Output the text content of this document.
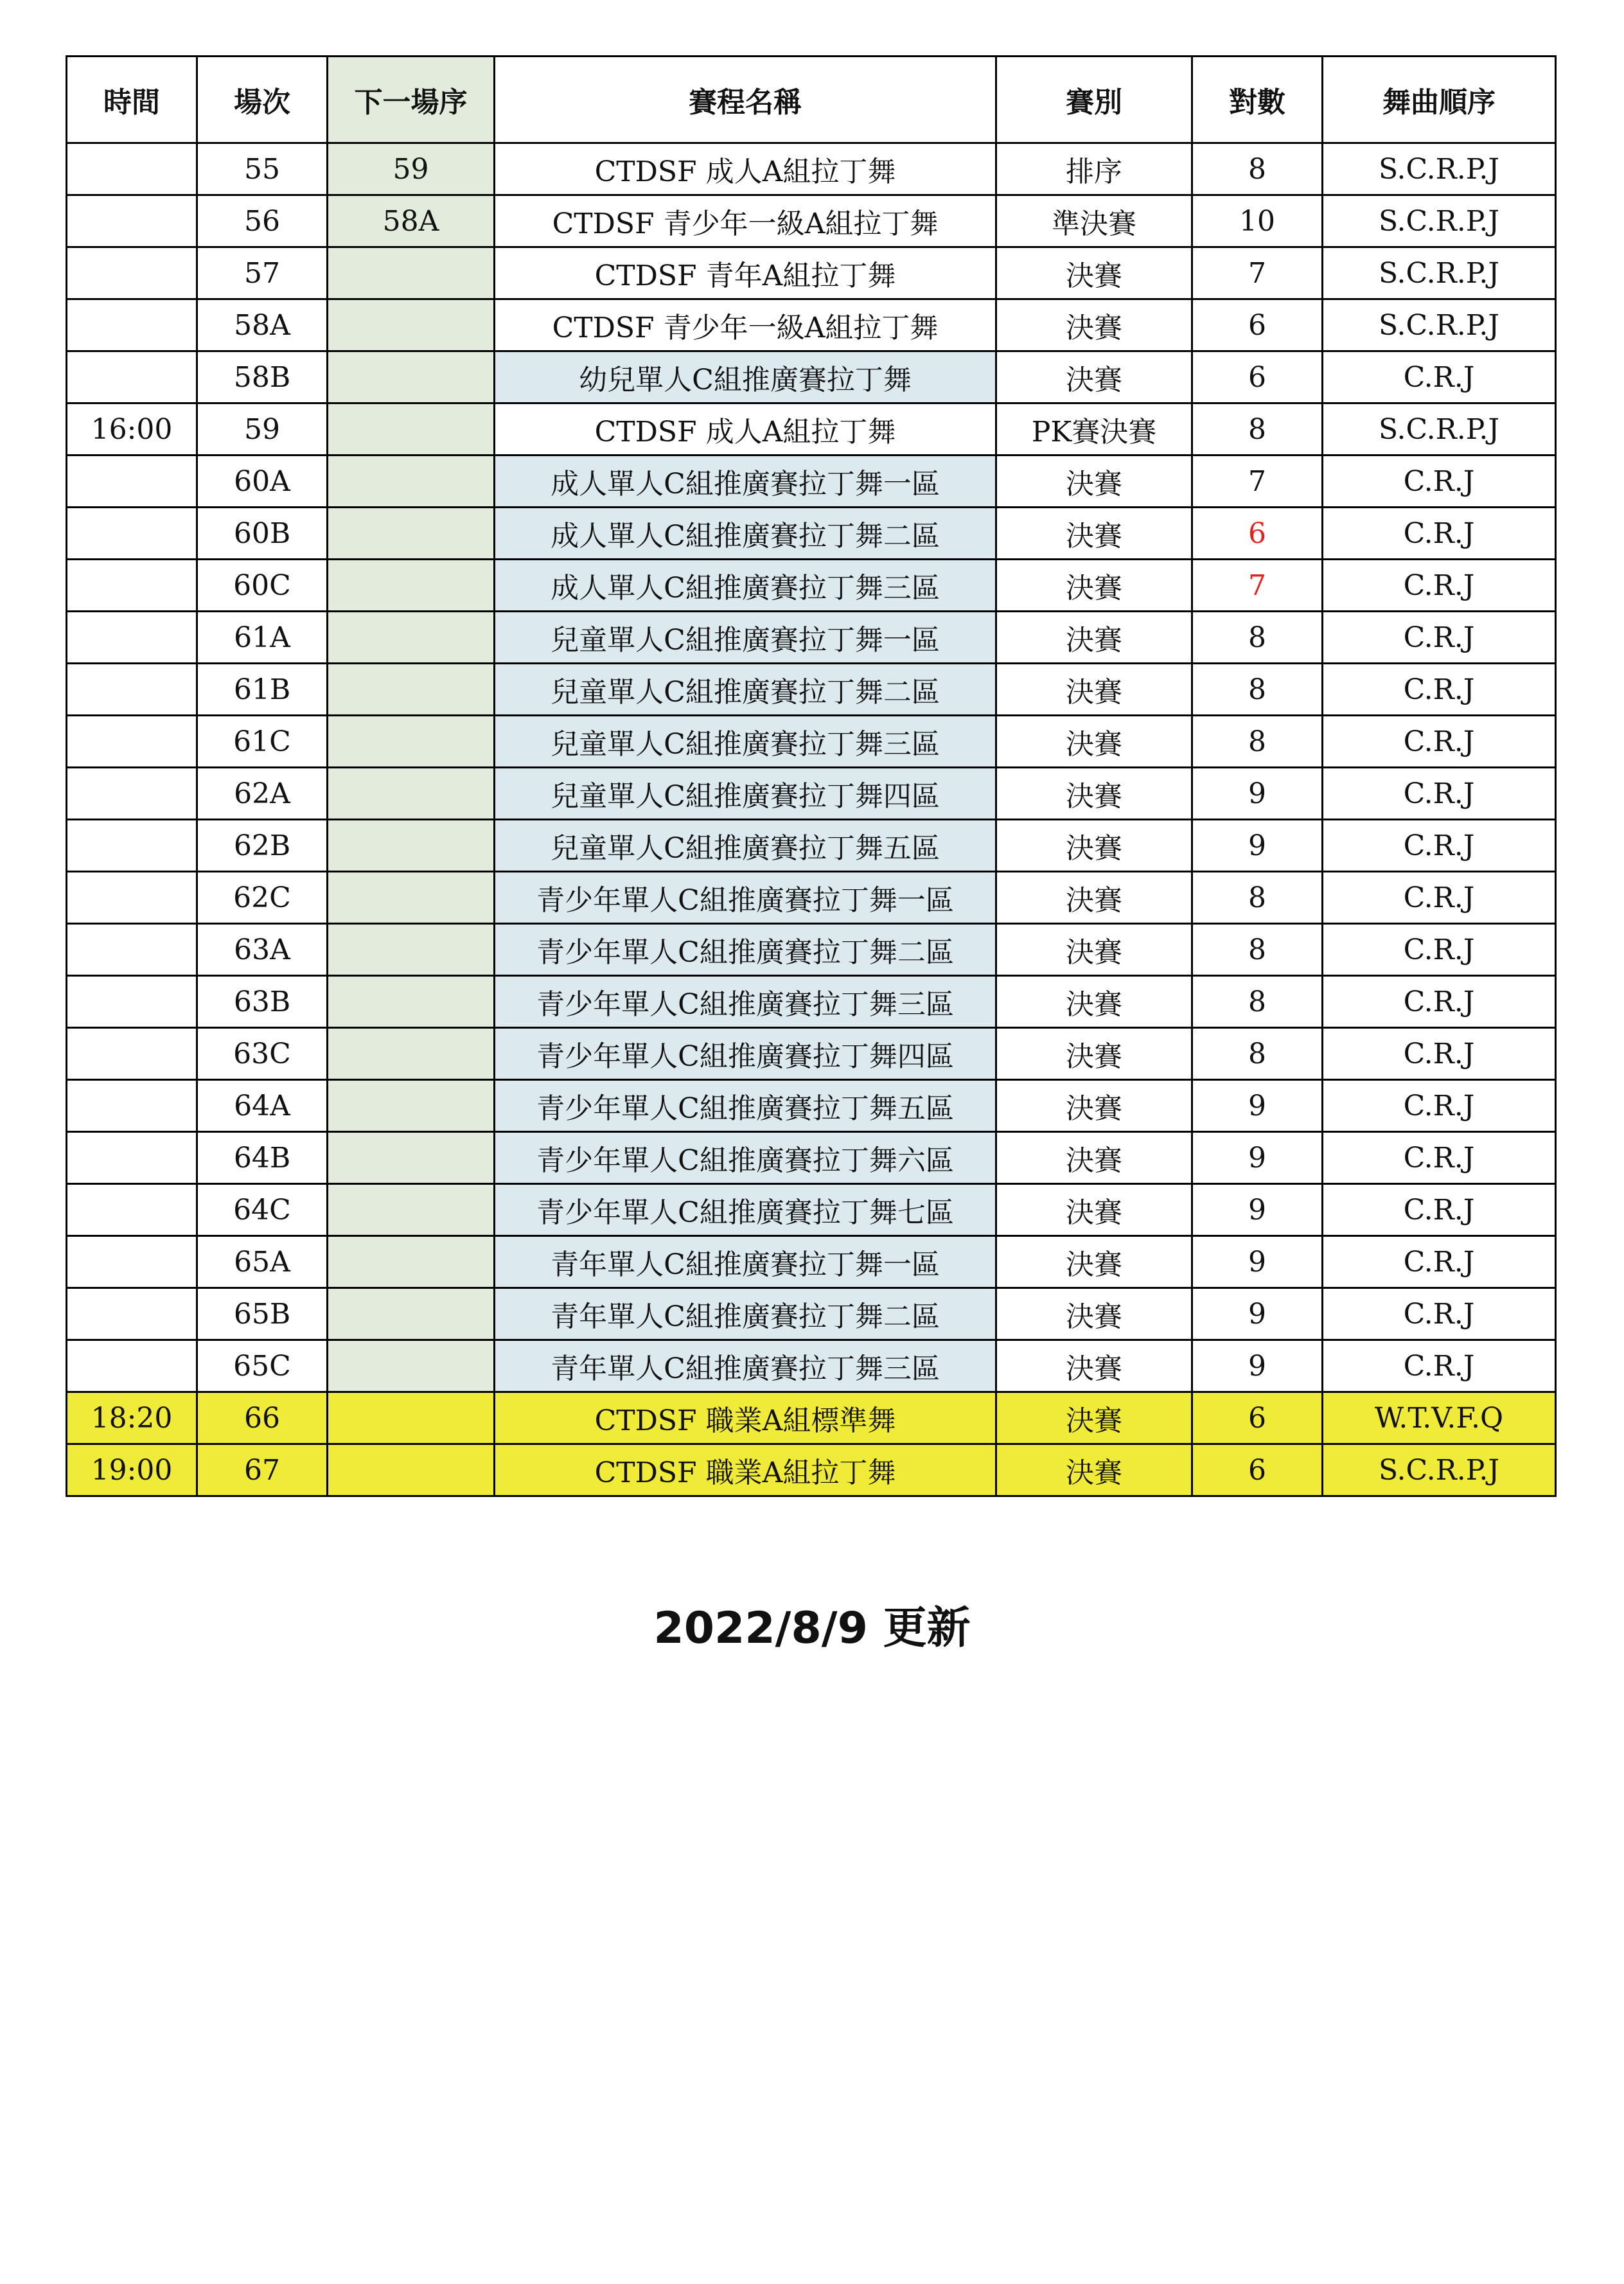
時間	場次	下一場序	賽程名稱	賽別	對數	舞曲順序
	55	59	CTDSF 成人A組拉丁舞	排序	8	S.C.R.P.J
	56	58A	CTDSF 青少年一級A組拉丁舞	準決賽	10	S.C.R.P.J
	57		CTDSF 青年A組拉丁舞	決賽	7	S.C.R.P.J
	58A		CTDSF 青少年一級A組拉丁舞	決賽	6	S.C.R.P.J
	58B		幼兒單人C組推廣賽拉丁舞	決賽	6	C.R.J
16:00	59		CTDSF 成人A組拉丁舞	PK賽決賽	8	S.C.R.P.J
	60A		成人單人C組推廣賽拉丁舞一區	決賽	7	C.R.J
	60B		成人單人C組推廣賽拉丁舞二區	決賽	6	C.R.J
	60C		成人單人C組推廣賽拉丁舞三區	決賽	7	C.R.J
	61A		兒童單人C組推廣賽拉丁舞一區	決賽	8	C.R.J
	61B		兒童單人C組推廣賽拉丁舞二區	決賽	8	C.R.J
	61C		兒童單人C組推廣賽拉丁舞三區	決賽	8	C.R.J
	62A		兒童單人C組推廣賽拉丁舞四區	決賽	9	C.R.J
	62B		兒童單人C組推廣賽拉丁舞五區	決賽	9	C.R.J
	62C		青少年單人C組推廣賽拉丁舞一區	決賽	8	C.R.J
	63A		青少年單人C組推廣賽拉丁舞二區	決賽	8	C.R.J
	63B		青少年單人C組推廣賽拉丁舞三區	決賽	8	C.R.J
	63C		青少年單人C組推廣賽拉丁舞四區	決賽	8	C.R.J
	64A		青少年單人C組推廣賽拉丁舞五區	決賽	9	C.R.J
	64B		青少年單人C組推廣賽拉丁舞六區	決賽	9	C.R.J
	64C		青少年單人C組推廣賽拉丁舞七區	決賽	9	C.R.J
	65A		青年單人C組推廣賽拉丁舞一區	決賽	9	C.R.J
	65B		青年單人C組推廣賽拉丁舞二區	決賽	9	C.R.J
	65C		青年單人C組推廣賽拉丁舞三區	決賽	9	C.R.J
18:20	66		CTDSF 職業A組標準舞	決賽	6	W.T.V.F.Q
19:00	67		CTDSF 職業A組拉丁舞	決賽	6	S.C.R.P.J
2022/8/9 更新
